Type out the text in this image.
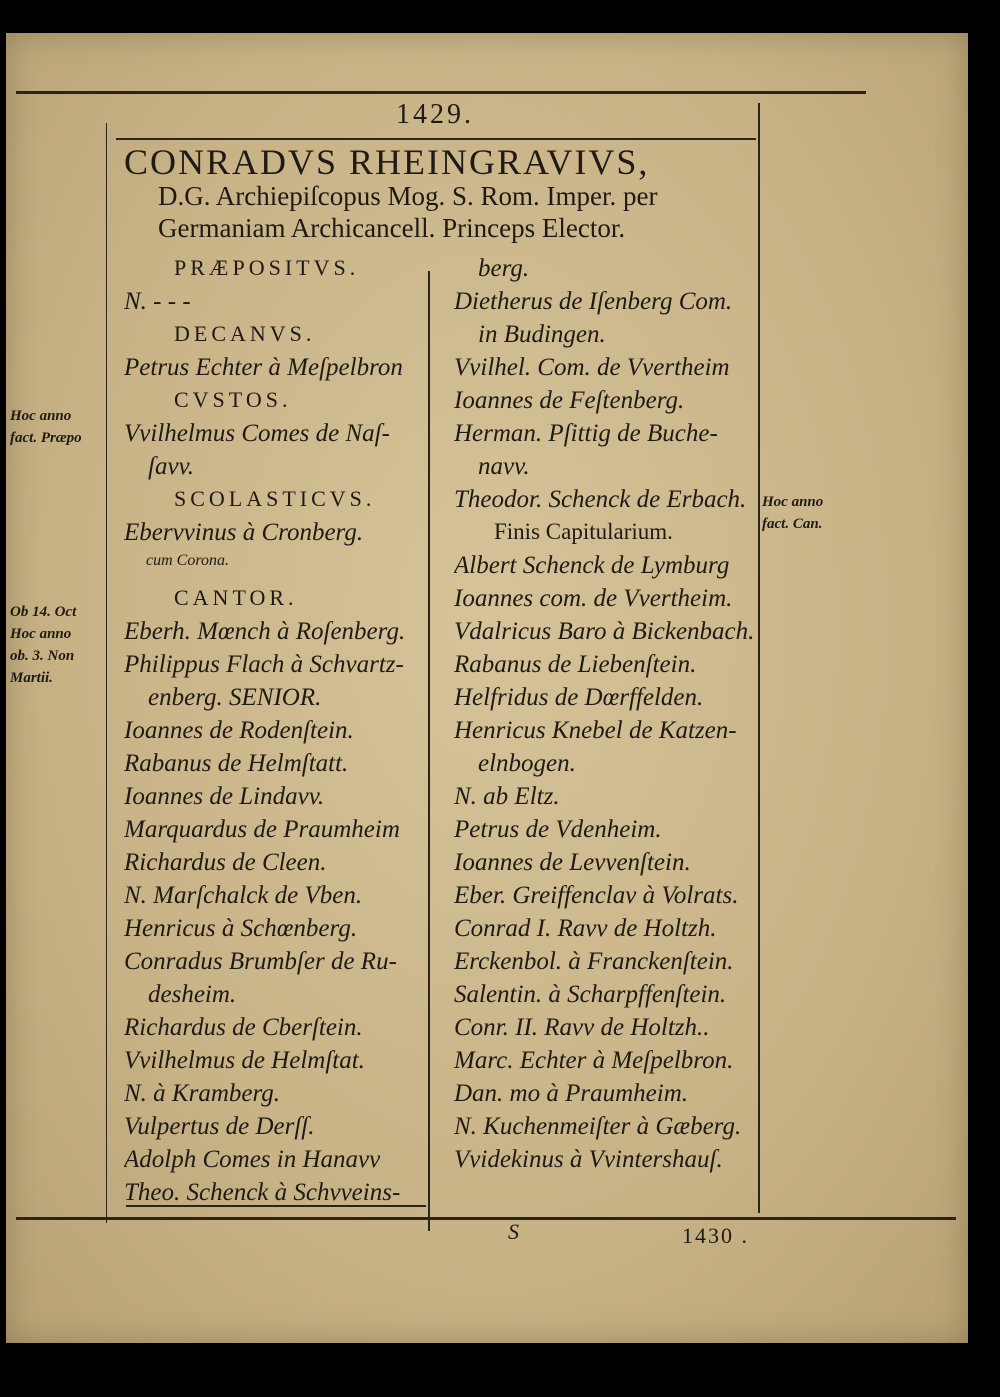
1429.
CONRADVS RHEINGRAVIVS,
D.G. Archiepiſcopus Mog. S. Rom. Imper. per
Germaniam Archicancell. Princeps Elector.
PRÆPOSITVS.
N. - - -
DECANVS.
Petrus Echter à Meſpelbron
CVSTOS.
Vvilhelmus Comes de Naſ-
ſavv.
SCOLASTICVS.
Ebervvinus à Cronberg.
cum Corona.
CANTOR.
Eberh. Mœnch à Roſenberg.
Philippus Flach à Schvartz-
enberg. SENIOR.
Ioannes de Rodenſtein.
Rabanus de Helmſtatt.
Ioannes de Lindavv.
Marquardus de Praumheim
Richardus de Cleen.
N. Marſchalck de Vben.
Henricus à Schœnberg.
Conradus Brumbſer de Ru-
desheim.
Richardus de Cberſtein.
Vvilhelmus de Helmſtat.
N. à Kramberg.
Vulpertus de Derſſ.
Adolph Comes in Hanavv
Theo. Schenck à Schvveins-
berg.
Dietherus de Iſenberg Com.
in Budingen.
Vvilhel. Com. de Vvertheim
Ioannes de Feſtenberg.
Herman. Pſittig de Buche-
navv.
Theodor. Schenck de Erbach.
Finis Capitularium.
Albert Schenck de Lymburg
Ioannes com. de Vvertheim.
Vdalricus Baro à Bickenbach.
Rabanus de Liebenſtein.
Helfridus de Dœrffelden.
Henricus Knebel de Katzen-
elnbogen.
N. ab Eltz.
Petrus de Vdenheim.
Ioannes de Levvenſtein.
Eber. Greiffenclav à Volrats.
Conrad I. Ravv de Holtzh.
Erckenbol. à Franckenſtein.
Salentin. à Scharpffenſtein.
Conr. II. Ravv de Holtzh..
Marc. Echter à Meſpelbron.
Dan. mo à Praumheim.
N. Kuchenmeiſter à Gæberg.
Vvidekinus à Vvintershauſ.
Hoc anno
fact. Præpo
Ob 14. Oct
Hoc anno
ob. 3. Non
Martii.
Hoc anno
fact. Can.
S	1430 .
